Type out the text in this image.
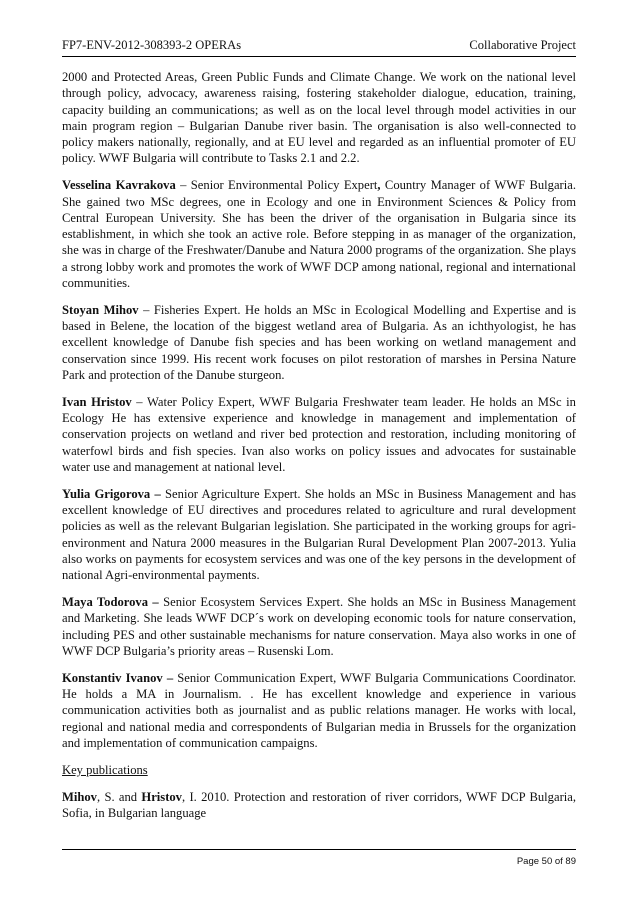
FP7-ENV-2012-308393-2 OPERAs	Collaborative Project

2000 and Protected Areas, Green Public Funds and Climate Change. We work on the national level through policy, advocacy, awareness raising, fostering stakeholder dialogue, education, training, capacity building an communications; as well as on the local level through model activities in our main program region – Bulgarian Danube river basin. The organisation is also well-connected to policy makers nationally, regionally, and at EU level and regarded as an influential promoter of EU policy. WWF Bulgaria will contribute to Tasks 2.1 and 2.2.

Vesselina Kavrakova – Senior Environmental Policy Expert, Country Manager of WWF Bulgaria. She gained two MSc degrees, one in Ecology and one in Environment Sciences & Policy from Central European University. She has been the driver of the organisation in Bulgaria since its establishment, in which she took an active role. Before stepping in as manager of the organization, she was in charge of the Freshwater/Danube and Natura 2000 programs of the organization. She plays a strong lobby work and promotes the work of WWF DCP among national, regional and international communities.

Stoyan Mihov – Fisheries Expert. He holds an MSc in Ecological Modelling and Expertise and is based in Belene, the location of the biggest wetland area of Bulgaria. As an ichthyologist, he has excellent knowledge of Danube fish species and has been working on wetland management and conservation since 1999. His recent work focuses on pilot restoration of marshes in Persina Nature Park and protection of the Danube sturgeon.

Ivan Hristov – Water Policy Expert, WWF Bulgaria Freshwater team leader. He holds an MSc in Ecology He has extensive experience and knowledge in management and implementation of conservation projects on wetland and river bed protection and restoration, including monitoring of waterfowl birds and fish species. Ivan also works on policy issues and advocates for sustainable water use and management at national level.

Yulia Grigorova – Senior Agriculture Expert. She holds an MSc in Business Management and has excellent knowledge of EU directives and procedures related to agriculture and rural development policies as well as the relevant Bulgarian legislation. She participated in the working groups for agri-environment and Natura 2000 measures in the Bulgarian Rural Development Plan 2007-2013. Yulia also works on payments for ecosystem services and was one of the key persons in the development of national Agri-environmental payments.

Maya Todorova – Senior Ecosystem Services Expert. She holds an MSc in Business Management and Marketing. She leads WWF DCP´s work on developing economic tools for nature conservation, including PES and other sustainable mechanisms for nature conservation. Maya also works in one of WWF DCP Bulgaria’s priority areas – Rusenski Lom.

Konstantiv Ivanov – Senior Communication Expert, WWF Bulgaria Communications Coordinator. He holds a MA in Journalism. . He has excellent knowledge and experience in various communication activities both as journalist and as public relations manager. He works with local, regional and national media and correspondents of Bulgarian media in Brussels for the organization and implementation of communication campaigns.

Key publications

Mihov, S. and Hristov, I. 2010. Protection and restoration of river corridors, WWF DCP Bulgaria, Sofia, in Bulgarian language

Page 50 of 89
